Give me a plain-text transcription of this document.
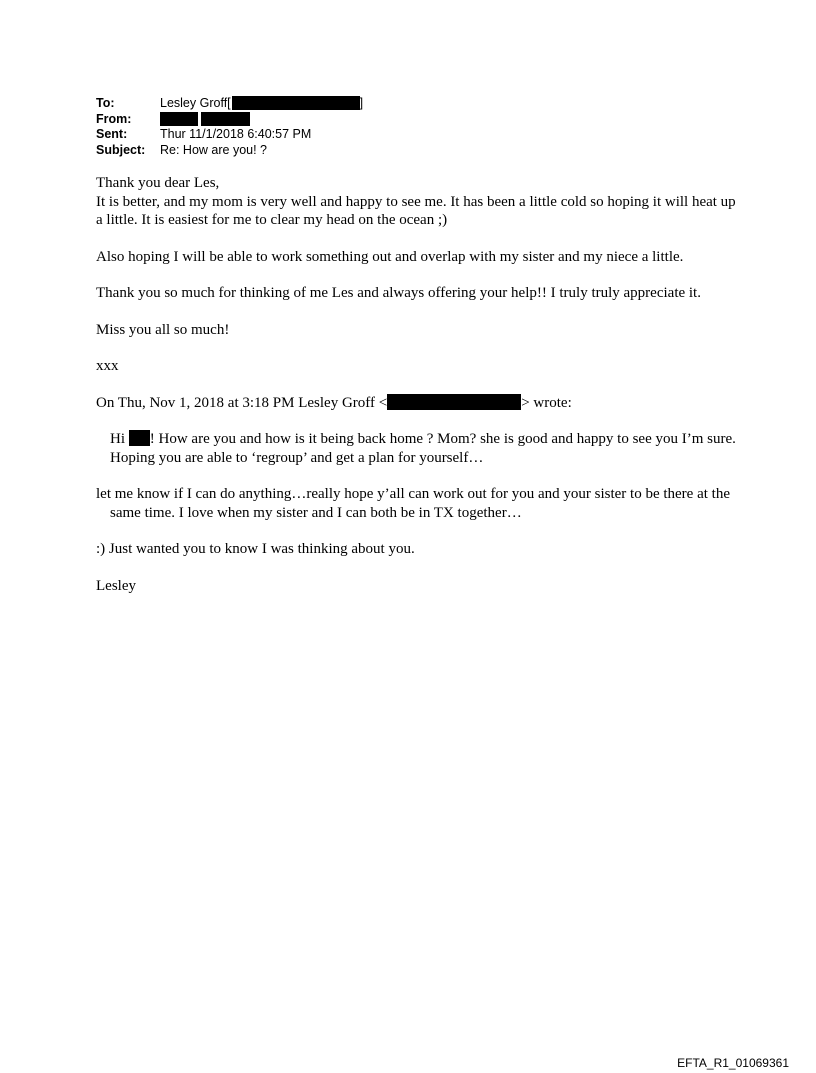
To:	Lesley Groff[	]
From:
Sent:	Thur 11/1/2018 6:40:57 PM
Subject: Re: How are you! ?

Thank you dear Les,

It is better, and my mom is very well and happy to see me. It has been a little cold so hoping it will heat up a little. It is easiest for me to clear my head on the ocean ;)

Also hoping I will be able to work something out and overlap with my sister and my niece a little.

Thank you so much for thinking of me Les and always offering your help!! I truly truly appreciate it.

Miss you all so much!

xxx

On Thu, Nov 1, 2018 at 3:18 PM Lesley Groff <	> wrote:

Hi ! How are you and how is it being back home ? Mom? she is good and happy to see you I’m sure. Hoping you are able to ‘regroup’ and get a plan for yourself…

let me know if I can do anything…really hope y’all can work out for you and your sister to be there at the same time. I love when my sister and I can both be in TX together…

:) Just wanted you to know I was thinking about you.

Lesley

EFTA_R1_01069361
